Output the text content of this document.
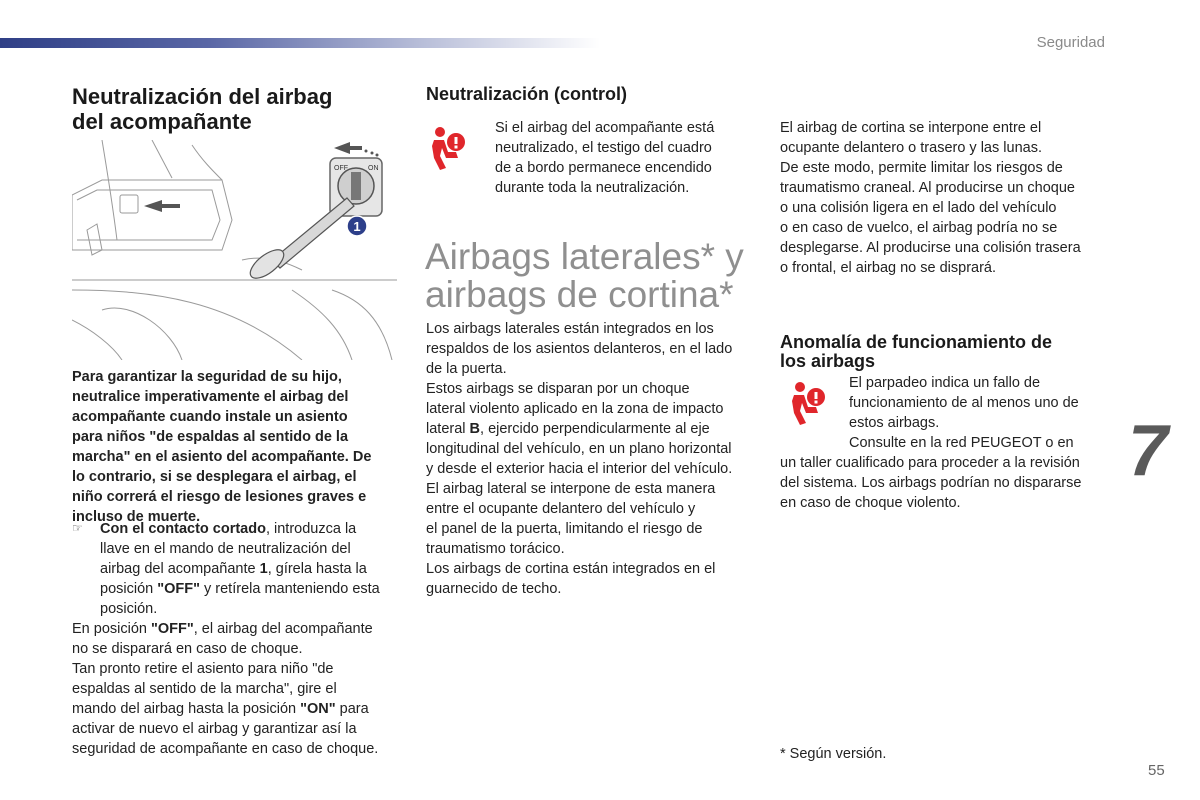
Seguridad
Neutralización del airbag
del acompañante
OFF	ON
1
Para garantizar la seguridad de su hijo,
neutralice imperativamente el airbag del
acompañante cuando instale un asiento
para niños "de espaldas al sentido de la
marcha" en el asiento del acompañante. De
lo contrario, si se desplegara el airbag, el
niño correrá el riesgo de lesiones graves e
incluso de muerte.
☞	Con el contacto cortado, introduzca la
llave en el mando de neutralización del
airbag del acompañante 1, gírela hasta la
posición "OFF" y retírela manteniendo esta
posición.
En posición "OFF", el airbag del acompañante
no se disparará en caso de choque.
Tan pronto retire el asiento para niño "de
espaldas al sentido de la marcha", gire el
mando del airbag hasta la posición "ON" para
activar de nuevo el airbag y garantizar así la
seguridad de acompañante en caso de choque.
Neutralización (control)
Si el airbag del acompañante está
neutralizado, el testigo del cuadro
de a bordo permanece encendido
durante toda la neutralización.
Airbags laterales* y
airbags de cortina*
Los airbags laterales están integrados en los
respaldos de los asientos delanteros, en el lado
de la puerta.
Estos airbags se disparan por un choque
lateral violento aplicado en la zona de impacto
lateral B, ejercido perpendicularmente al eje
longitudinal del vehículo, en un plano horizontal
y desde el exterior hacia el interior del vehículo.
El airbag lateral se interpone de esta manera
entre el ocupante delantero del vehículo y
el panel de la puerta, limitando el riesgo de
traumatismo torácico.
Los airbags de cortina están integrados en el
guarnecido de techo.
El airbag de cortina se interpone entre el
ocupante delantero o trasero y las lunas.
De este modo, permite limitar los riesgos de
traumatismo craneal. Al producirse un choque
o una colisión ligera en el lado del vehículo
o en caso de vuelco, el airbag podría no se
desplegarse. Al producirse una colisión trasera
o frontal, el airbag no se disprará.
Anomalía de funcionamiento de
los airbags
El parpadeo indica un fallo de
funcionamiento de al menos uno de
estos airbags.
Consulte en la red PEUGEOT o en
un taller cualificado para proceder a la revisión
del sistema. Los airbags podrían no dispararse
en caso de choque violento.
7
* Según versión.
55
